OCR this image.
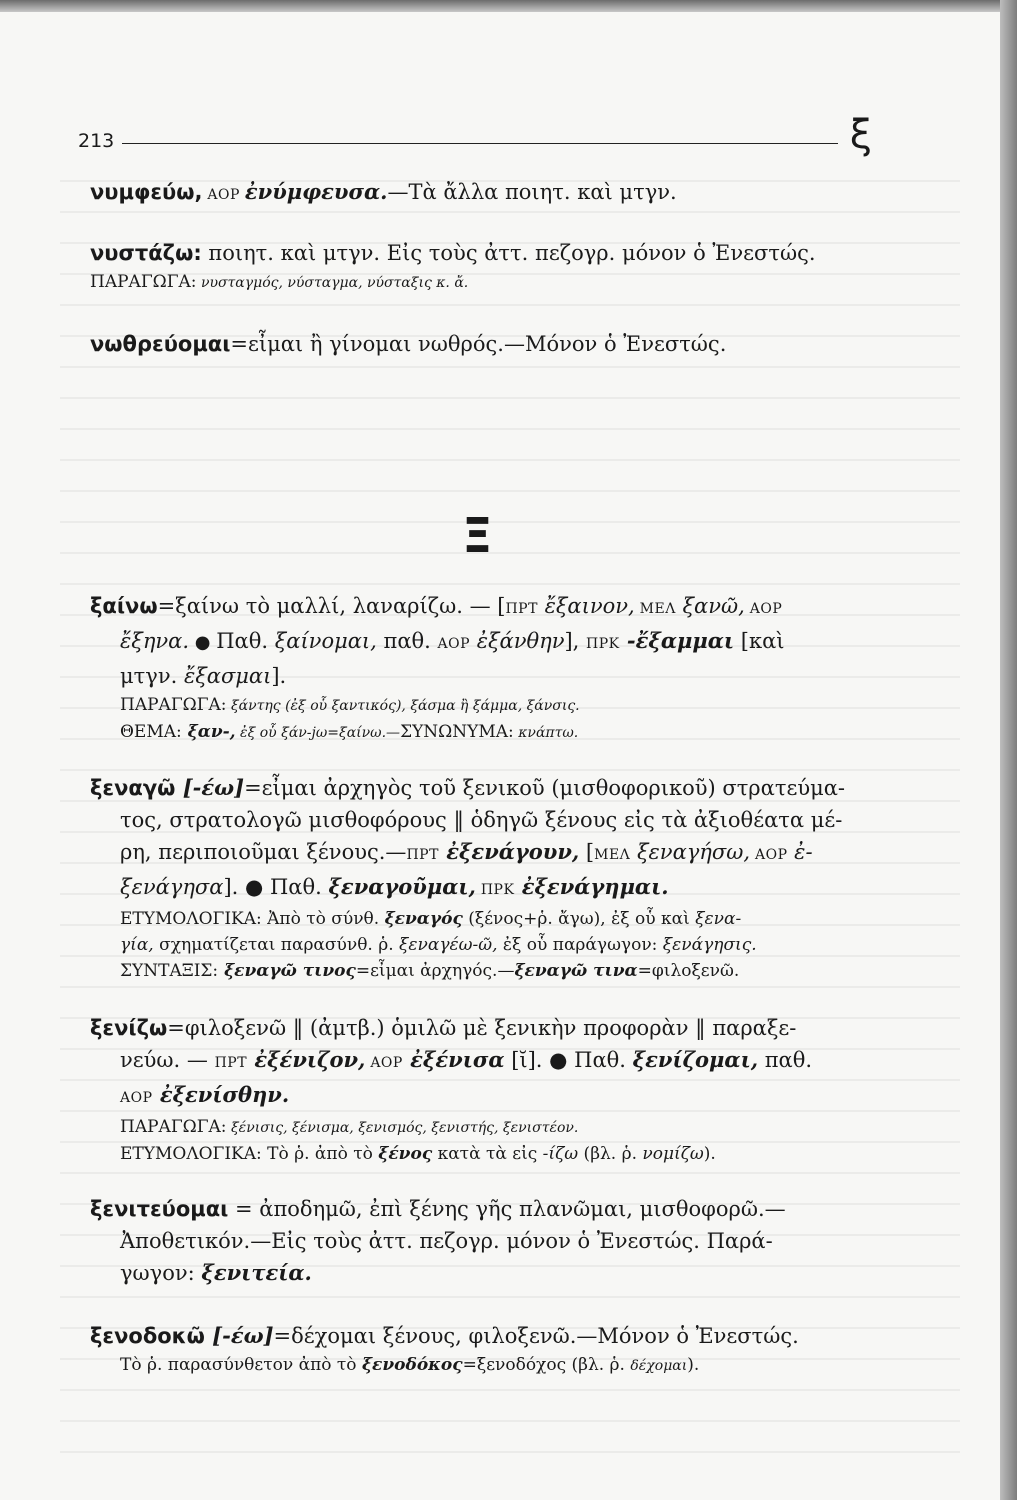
213	ξ
νυμφεύω, ΑΟΡ ἐνύμφευσα.—Τὰ ἄλλα ποιητ. καὶ μτγν.
νυστάζω: ποιητ. καὶ μτγν. Εἰς τοὺς ἀττ. πεζογρ. μόνον ὁ Ἐνεστώς.
ΠΑΡΑΓΩΓΑ: νυσταγμός, νύσταγμα, νύσταξις κ. ἄ.
νωθρεύομαι=εἶμαι ἢ γίνομαι νωθρός.—Μόνον ὁ Ἐνεστώς.
Ξ
ξαίνω=ξαίνω τὸ μαλλί, λαναρίζω. — [ΠΡΤ ἔξαινον, ΜΕΛ ξανῶ, ΑΟΡ
ἔξηνα. ● Παθ. ξαίνομαι, παθ. ΑΟΡ ἐξάνθην], ΠΡΚ -ἔξαμμαι [καὶ
μτγν. ἔξασμαι].
ΠΑΡΑΓΩΓΑ: ξάντης (ἐξ οὗ ξαντικός), ξάσμα ἢ ξάμμα, ξάνσις.
ΘΕΜΑ: ξαν-, ἐξ οὗ ξάν-jω=ξαίνω.—ΣΥΝΩΝΥΜΑ: κνάπτω.
ξεναγῶ [-έω]=εἶμαι ἀρχηγὸς τοῦ ξενικοῦ (μισθοφορικοῦ) στρατεύμα-
τος, στρατολογῶ μισθοφόρους ‖ ὁδηγῶ ξένους εἰς τὰ ἀξιοθέατα μέ-
ρη, περιποιοῦμαι ξένους.—ΠΡΤ ἐξενάγουν, [ΜΕΛ ξεναγήσω, ΑΟΡ ἐ-
ξενάγησα]. ● Παθ. ξεναγοῦμαι, ΠΡΚ ἐξενάγημαι.
ΕΤΥΜΟΛΟΓΙΚΑ: Ἀπὸ τὸ σύνθ. ξεναγός (ξένος+ῥ. ἄγω), ἐξ οὗ καὶ ξενα-
γία, σχηματίζεται παρασύνθ. ῥ. ξεναγέω-ῶ, ἐξ οὗ παράγωγον: ξενάγησις.
ΣΥΝΤΑΞΙΣ: ξεναγῶ τινος=εἶμαι ἀρχηγός.—ξεναγῶ τινα=φιλοξενῶ.
ξενίζω=φιλοξενῶ ‖ (ἀμτβ.) ὁμιλῶ μὲ ξενικὴν προφορὰν ‖ παραξε-
νεύω. — ΠΡΤ ἐξένιζον, ΑΟΡ ἐξένισα [ῐ]. ● Παθ. ξενίζομαι, παθ.
ΑΟΡ ἐξενίσθην.
ΠΑΡΑΓΩΓΑ: ξένισις, ξένισμα, ξενισμός, ξενιστής, ξενιστέον.
ΕΤΥΜΟΛΟΓΙΚΑ: Τὸ ῥ. ἀπὸ τὸ ξένος κατὰ τὰ εἰς -ίζω (βλ. ῥ. νομίζω).
ξενιτεύομαι = ἀποδημῶ, ἐπὶ ξένης γῆς πλανῶμαι, μισθοφορῶ.—
Ἀποθετικόν.—Εἰς τοὺς ἀττ. πεζογρ. μόνον ὁ Ἐνεστώς. Παρά-
γωγον: ξενιτεία.
ξενοδοκῶ [-έω]=δέχομαι ξένους, φιλοξενῶ.—Μόνον ὁ Ἐνεστώς.
Τὸ ῥ. παρασύνθετον ἀπὸ τὸ ξενοδόκος=ξενοδόχος (βλ. ῥ. δέχομαι).
